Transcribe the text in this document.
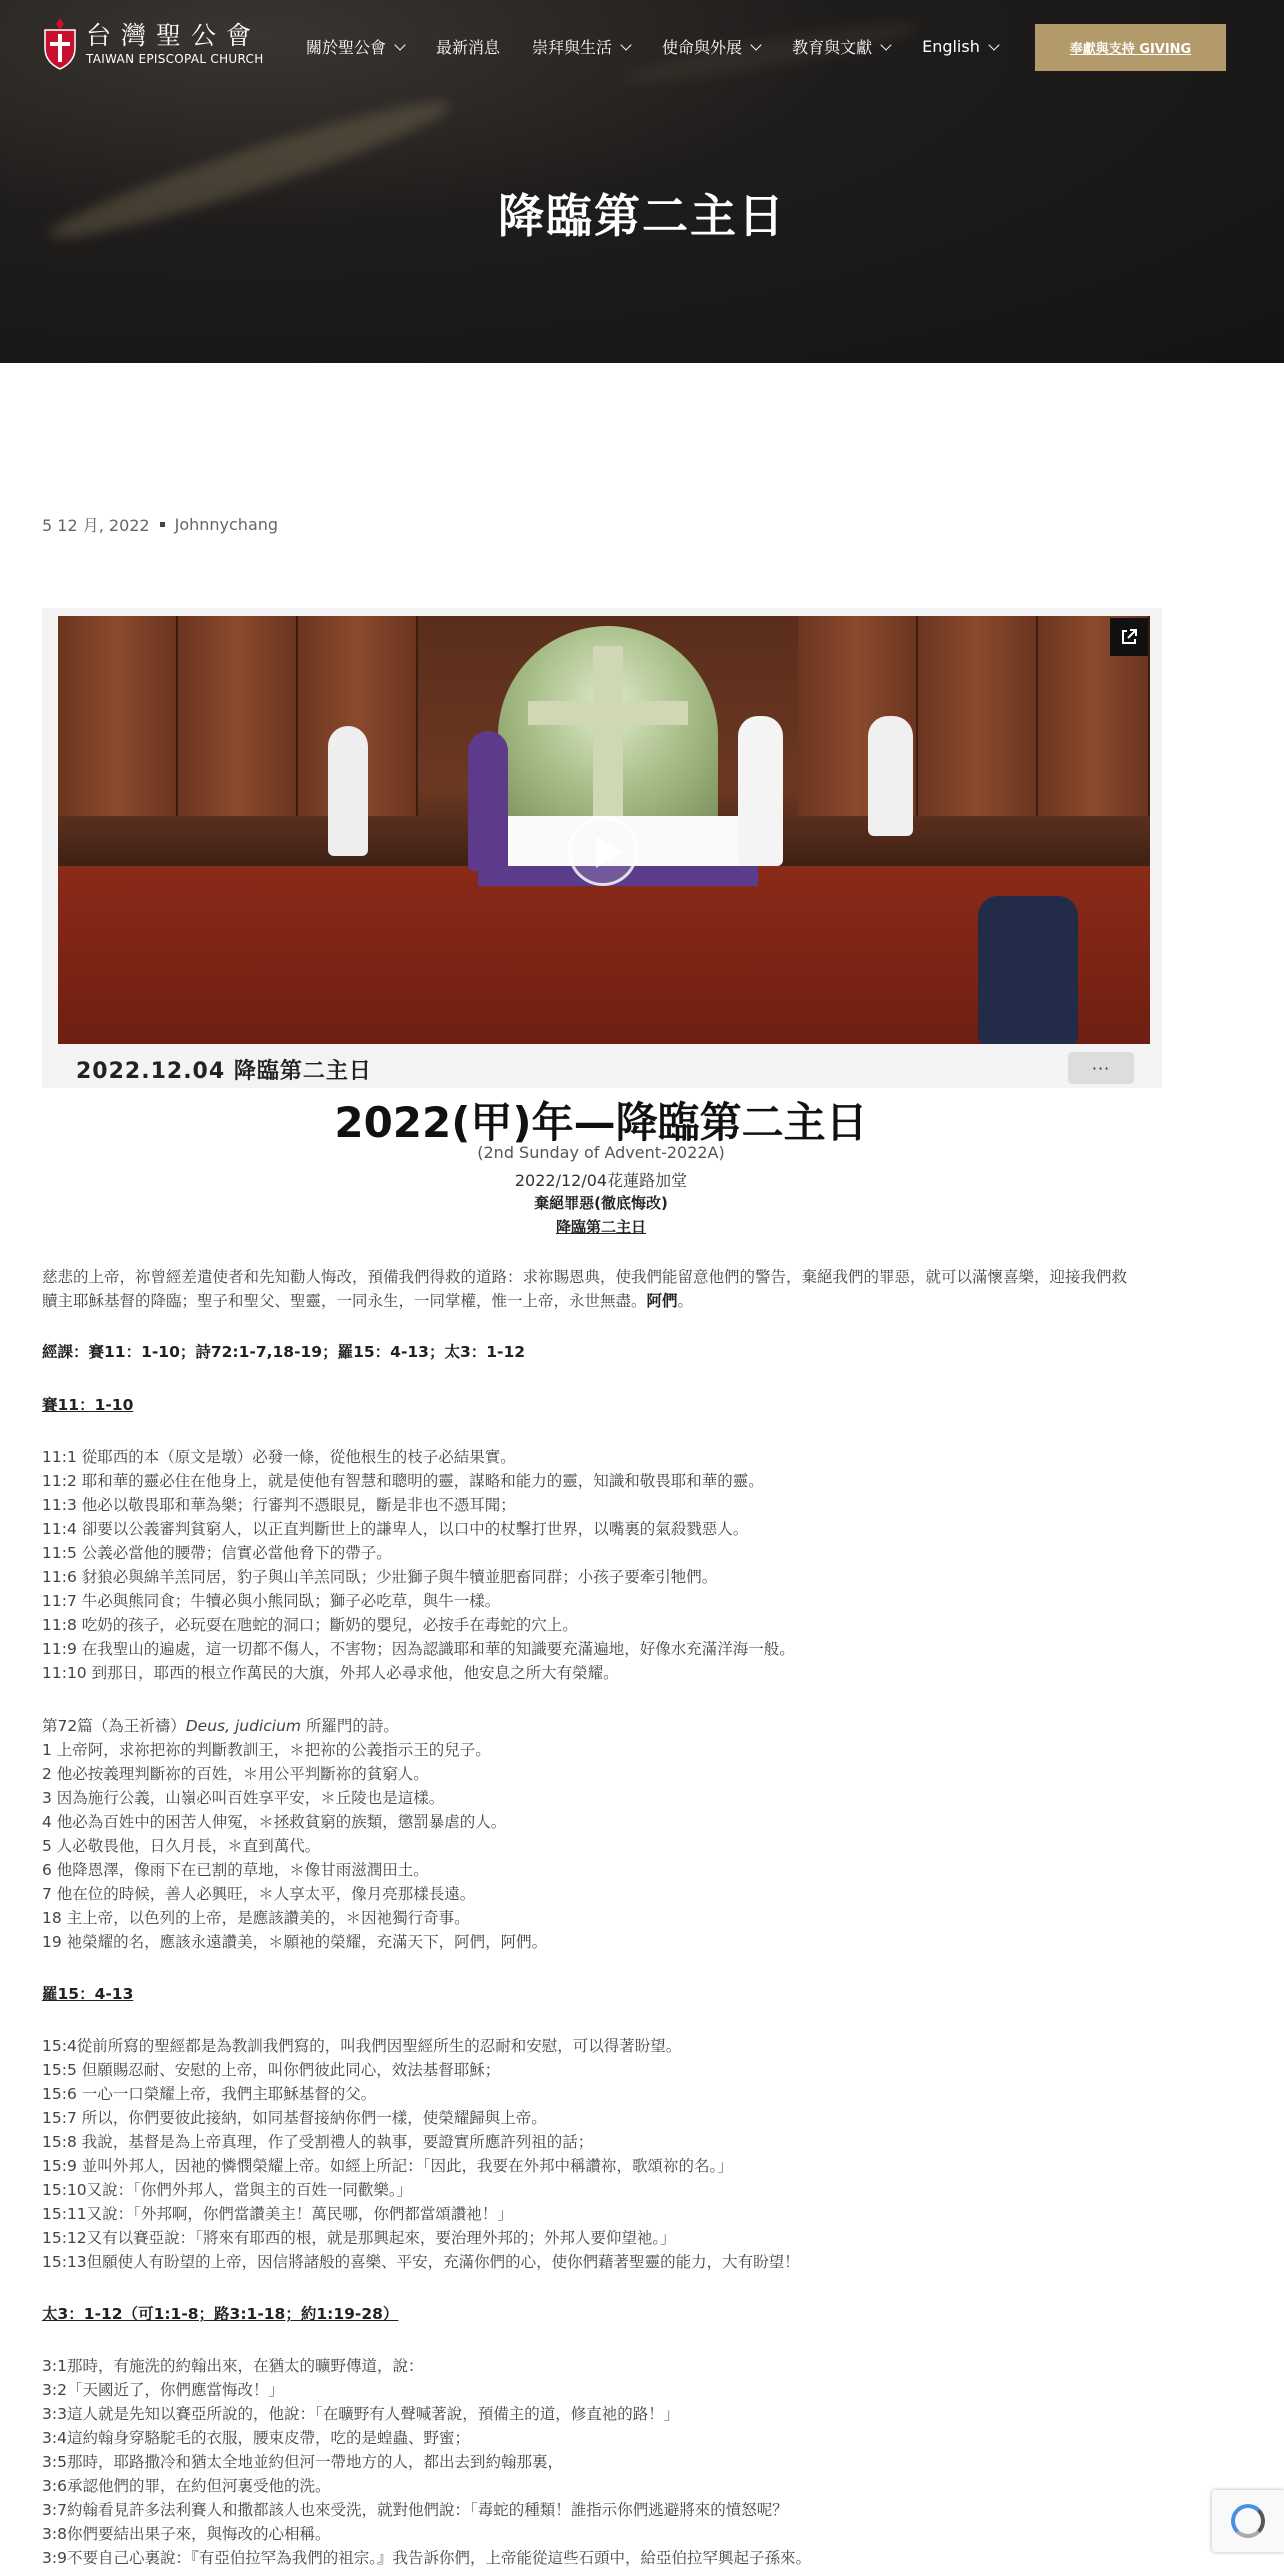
台灣聖公會
TAIWAN EPISCOPAL CHURCH
關於聖公會	最新消息 崇拜與生活	使命與外展	教育與文獻	English	奉獻與支持 GIVING
降臨第二主日
5 12 月, 2022 Johnnychang
2022.12.04 降臨第二主日	···
2022(甲)年—降臨第二主日
(2nd Sunday of Advent-2022A)
2022/12/04花蓮路加堂
棄絕罪惡(徹底悔改)
降臨第二主日
慈悲的上帝，祢曾經差遣使者和先知勸人悔改，預備我們得救的道路：求祢賜恩典，使我們能留意他們的警告，棄絕我們的罪惡，就可以滿懷喜樂，迎接我們救
贖主耶穌基督的降臨；聖子和聖父、聖靈，一同永生，一同掌權，惟一上帝，永世無盡。阿們。
經課：賽11：1-10；詩72:1-7,18-19；羅15：4-13；太3：1-12
賽11：1-10
11:1 從耶西的本（原文是墩）必發一條，從他根生的枝子必結果實。
11:2 耶和華的靈必住在他身上，就是使他有智慧和聰明的靈，謀略和能力的靈，知識和敬畏耶和華的靈。
11:3 他必以敬畏耶和華為樂；行審判不憑眼見，斷是非也不憑耳聞；
11:4 卻要以公義審判貧窮人，以正直判斷世上的謙卑人，以口中的杖擊打世界，以嘴裏的氣殺戮惡人。
11:5 公義必當他的腰帶；信實必當他脅下的帶子。
11:6 豺狼必與綿羊羔同居，豹子與山羊羔同臥；少壯獅子與牛犢並肥畜同群；小孩子要牽引牠們。
11:7 牛必與熊同食；牛犢必與小熊同臥；獅子必吃草，與牛一樣。
11:8 吃奶的孩子，必玩耍在虺蛇的洞口；斷奶的嬰兒，必按手在毒蛇的穴上。
11:9 在我聖山的遍處，這一切都不傷人，不害物；因為認識耶和華的知識要充滿遍地，好像水充滿洋海一般。
11:10 到那日，耶西的根立作萬民的大旗，外邦人必尋求他，他安息之所大有榮耀。
第72篇（為王祈禱）Deus, judicium 所羅門的詩。
1 上帝阿，求祢把祢的判斷教訓王，＊把祢的公義指示王的兒子。
2 他必按義理判斷祢的百姓，＊用公平判斷祢的貧窮人。
3 因為施行公義，山嶺必叫百姓享平安，＊丘陵也是這樣。
4 他必為百姓中的困苦人伸冤，＊拯救貧窮的族類，懲罰暴虐的人。
5 人必敬畏他，日久月長，＊直到萬代。
6 他降恩澤，像雨下在已割的草地，＊像甘雨滋潤田土。
7 他在位的時候，善人必興旺，＊人享太平，像月亮那樣長遠。
18 主上帝，以色列的上帝，是應該讚美的，＊因祂獨行奇事。
19 祂榮耀的名，應該永遠讚美，＊願祂的榮耀，充滿天下，阿們，阿們。
羅15：4-13
15:4從前所寫的聖經都是為教訓我們寫的，叫我們因聖經所生的忍耐和安慰，可以得著盼望。
15:5 但願賜忍耐、安慰的上帝，叫你們彼此同心，效法基督耶穌；
15:6 一心一口榮耀上帝，我們主耶穌基督的父。
15:7 所以，你們要彼此接納，如同基督接納你們一樣，使榮耀歸與上帝。
15:8 我說，基督是為上帝真理，作了受割禮人的執事，要證實所應許列祖的話；
15:9 並叫外邦人，因祂的憐憫榮耀上帝。如經上所記：「因此，我要在外邦中稱讚祢，歌頌祢的名。」
15:10又說：「你們外邦人，當與主的百姓一同歡樂。」
15:11又說：「外邦啊，你們當讚美主！萬民哪，你們都當頌讚祂！」
15:12又有以賽亞說：「將來有耶西的根，就是那興起來，要治理外邦的；外邦人要仰望祂。」
15:13但願使人有盼望的上帝，因信將諸般的喜樂、平安，充滿你們的心，使你們藉著聖靈的能力，大有盼望！
太3：1-12（可1:1-8；路3:1-18；約1:19-28）
3:1那時，有施洗的約翰出來，在猶太的曠野傳道，說：
3:2「天國近了，你們應當悔改！」
3:3這人就是先知以賽亞所說的，他說：「在曠野有人聲喊著說，預備主的道，修直祂的路！」
3:4這約翰身穿駱駝毛的衣服，腰束皮帶，吃的是蝗蟲、野蜜；
3:5那時，耶路撒冷和猶太全地並約但河一帶地方的人，都出去到約翰那裏，
3:6承認他們的罪，在約但河裏受他的洗。
3:7約翰看見許多法利賽人和撒都該人也來受洗，就對他們說：「毒蛇的種類！誰指示你們逃避將來的憤怒呢？
3:8你們要結出果子來，與悔改的心相稱。
3:9不要自己心裏說：『有亞伯拉罕為我們的祖宗。』我告訴你們，上帝能從這些石頭中，給亞伯拉罕興起子孫來。
